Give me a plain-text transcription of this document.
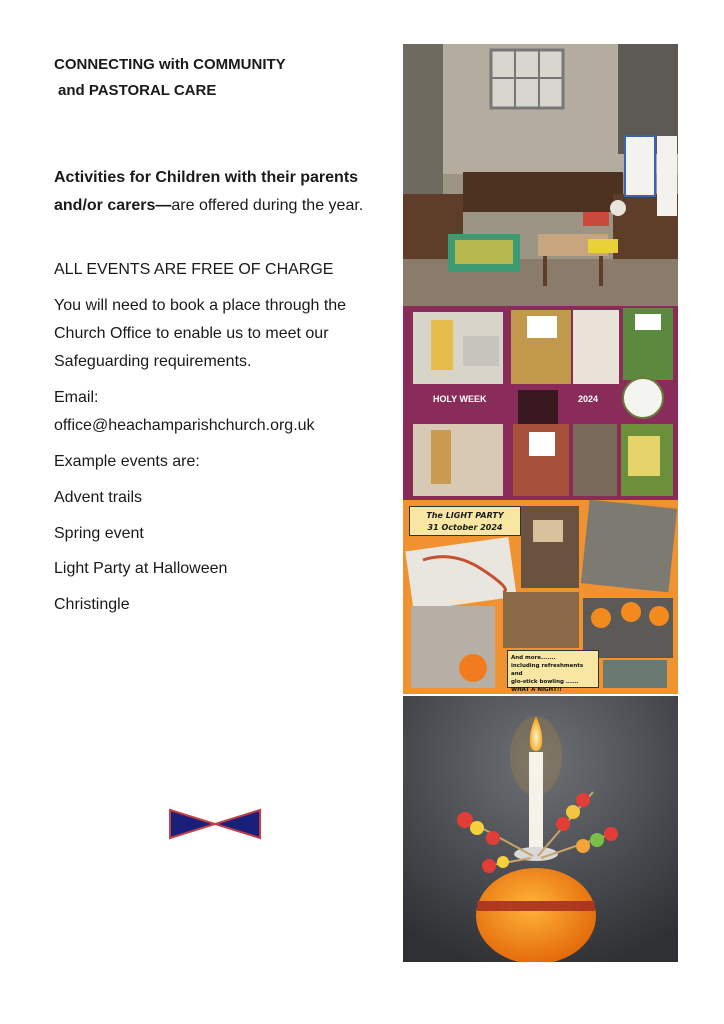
CONNECTING with COMMUNITY
and PASTORAL CARE

Activities for Children with their parents and/or carers—are offered during the year.

ALL EVENTS ARE FREE OF CHARGE

You will need to book a place through the Church Office to enable us to meet our Safeguarding requirements.

Email:

office@heachamparishchurch.org.uk

Example events are:

Advent trails

Spring event

Light Party at Halloween

Christingle

HOLY WEEK	2024
The LIGHT PARTY
31 October 2024
And more.......
including refreshments and
glo-stick bowling ......
WHAT A NIGHT!!
